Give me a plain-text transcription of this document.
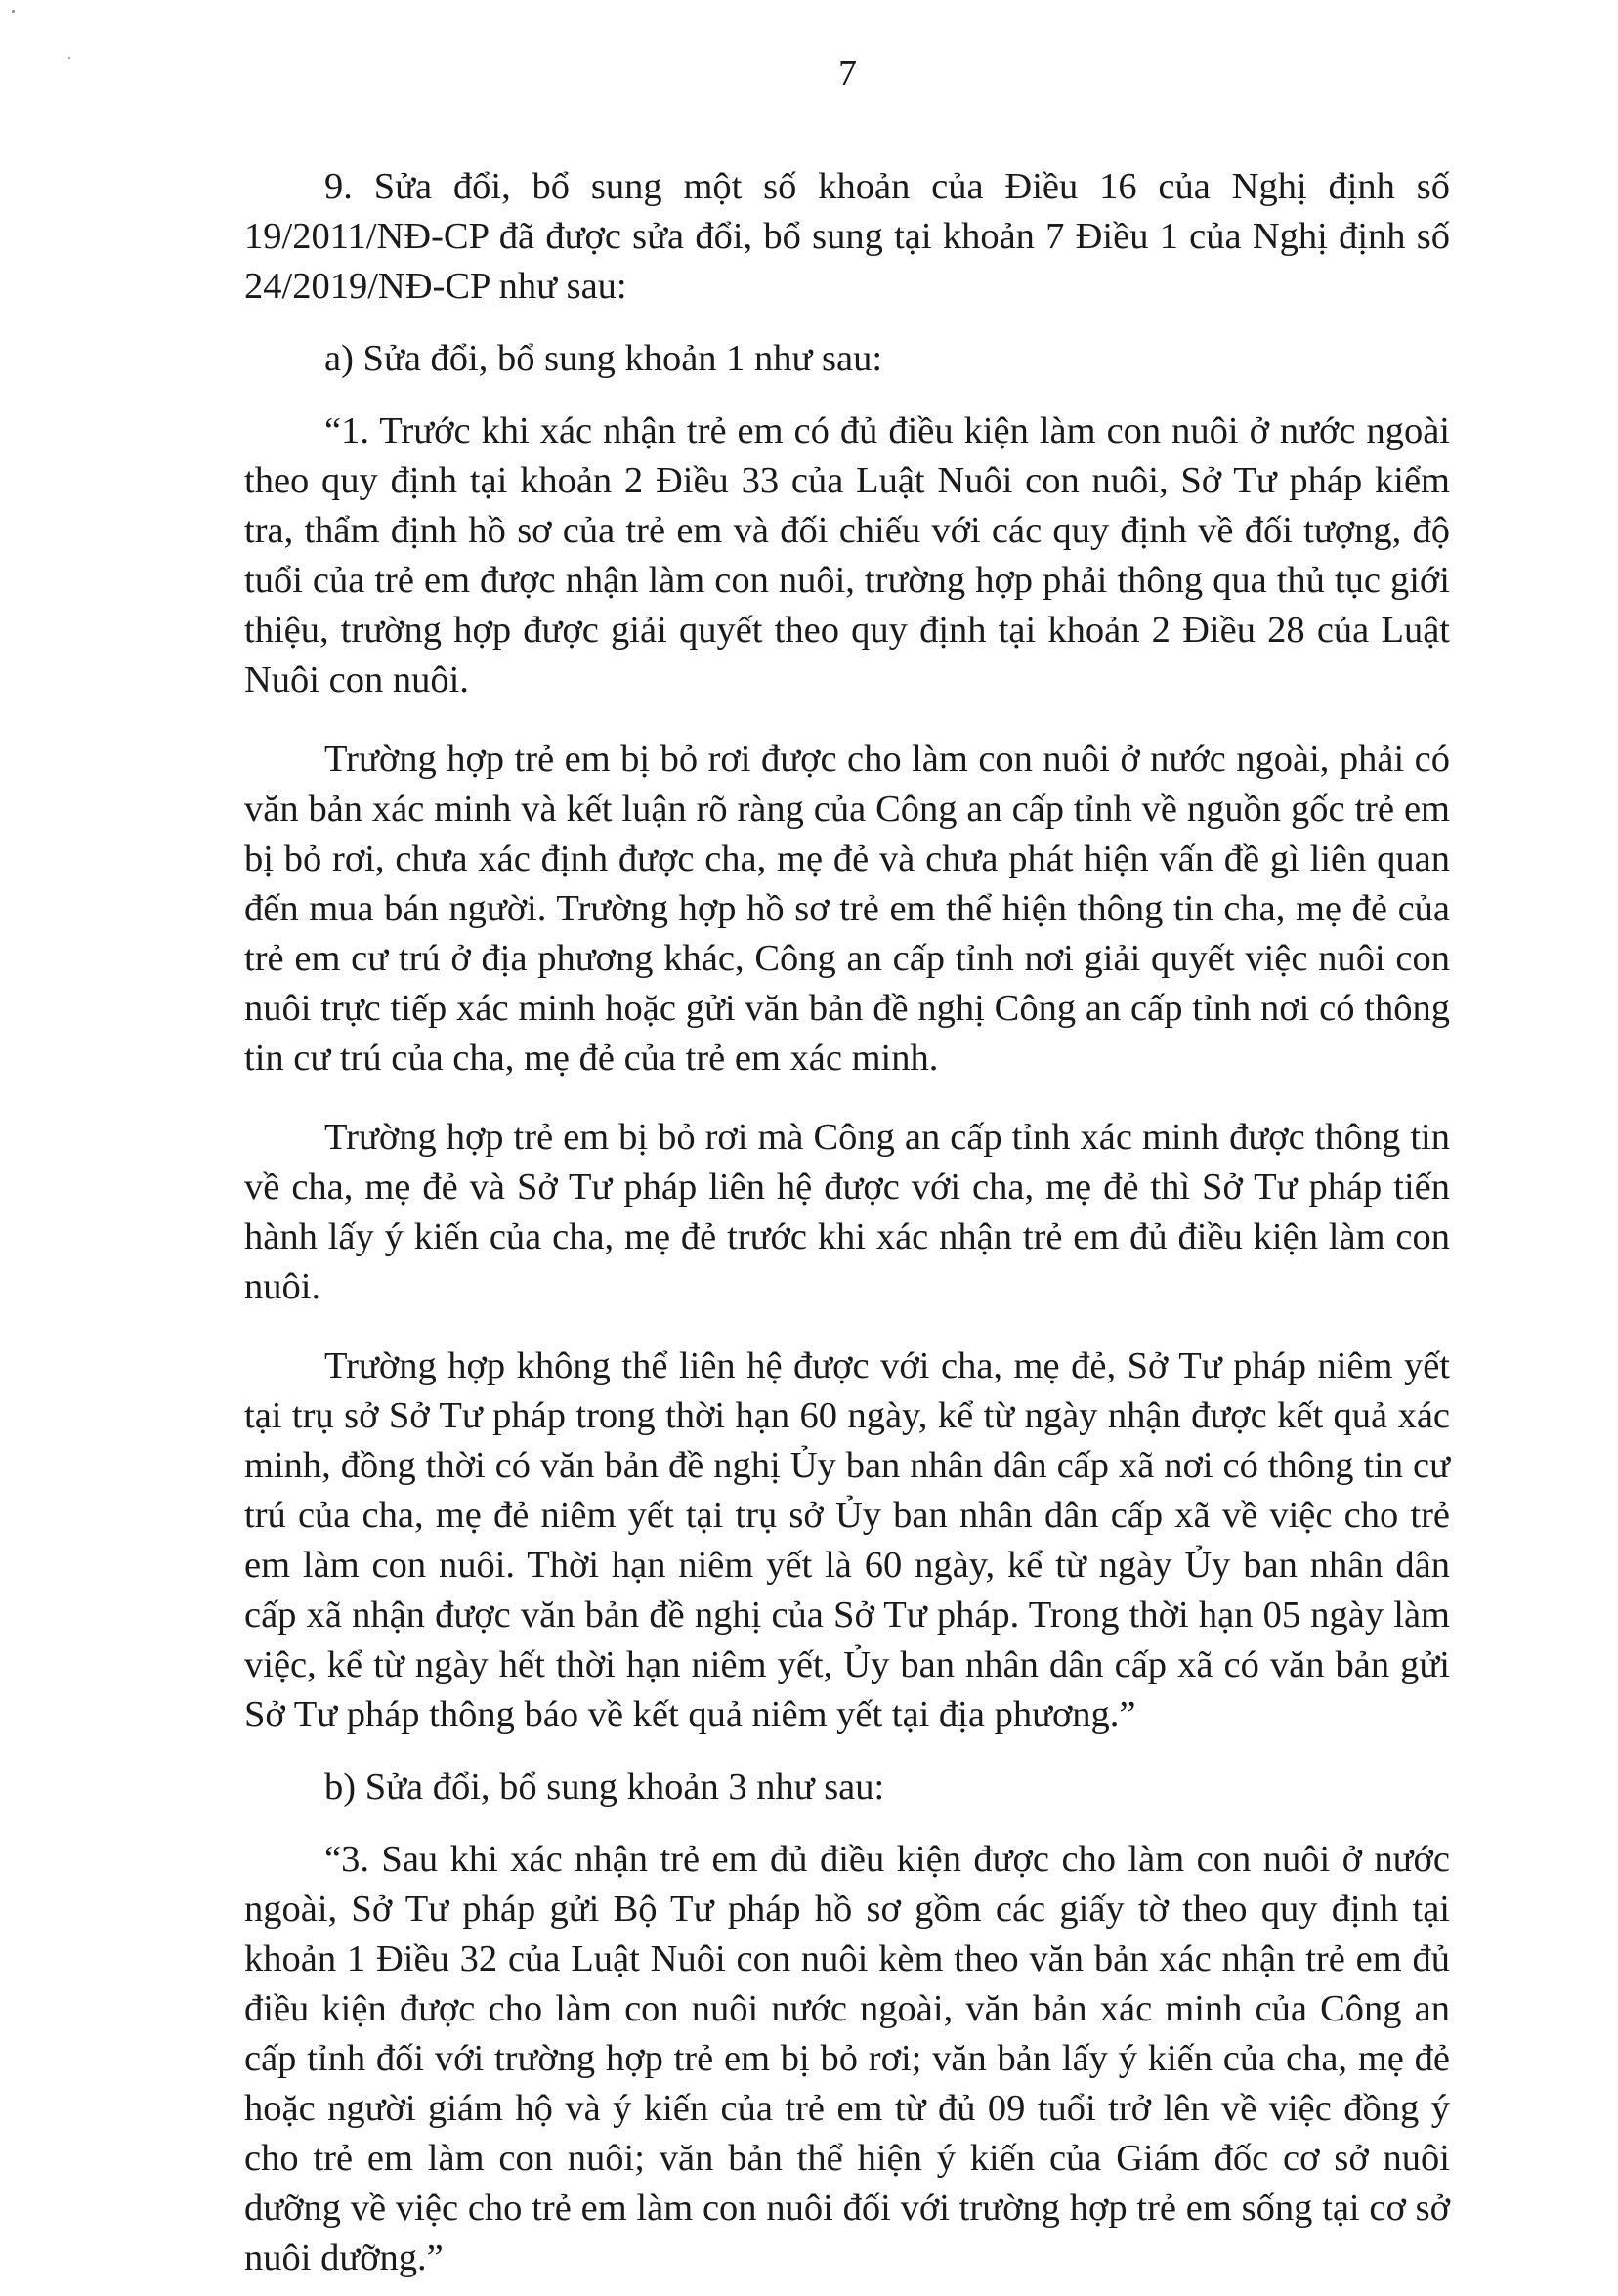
7

9. Sửa đổi, bổ sung một số khoản của Điều 16 của Nghị định số 19/2011/NĐ-CP đã được sửa đổi, bổ sung tại khoản 7 Điều 1 của Nghị định số 24/2019/NĐ-CP như sau:

a) Sửa đổi, bổ sung khoản 1 như sau:

“1. Trước khi xác nhận trẻ em có đủ điều kiện làm con nuôi ở nước ngoài theo quy định tại khoản 2 Điều 33 của Luật Nuôi con nuôi, Sở Tư pháp kiểm tra, thẩm định hồ sơ của trẻ em và đối chiếu với các quy định về đối tượng, độ tuổi của trẻ em được nhận làm con nuôi, trường hợp phải thông qua thủ tục giới thiệu, trường hợp được giải quyết theo quy định tại khoản 2 Điều 28 của Luật Nuôi con nuôi.

Trường hợp trẻ em bị bỏ rơi được cho làm con nuôi ở nước ngoài, phải có văn bản xác minh và kết luận rõ ràng của Công an cấp tỉnh về nguồn gốc trẻ em bị bỏ rơi, chưa xác định được cha, mẹ đẻ và chưa phát hiện vấn đề gì liên quan đến mua bán người. Trường hợp hồ sơ trẻ em thể hiện thông tin cha, mẹ đẻ của trẻ em cư trú ở địa phương khác, Công an cấp tỉnh nơi giải quyết việc nuôi con nuôi trực tiếp xác minh hoặc gửi văn bản đề nghị Công an cấp tỉnh nơi có thông tin cư trú của cha, mẹ đẻ của trẻ em xác minh.

Trường hợp trẻ em bị bỏ rơi mà Công an cấp tỉnh xác minh được thông tin về cha, mẹ đẻ và Sở Tư pháp liên hệ được với cha, mẹ đẻ thì Sở Tư pháp tiến hành lấy ý kiến của cha, mẹ đẻ trước khi xác nhận trẻ em đủ điều kiện làm con nuôi.

Trường hợp không thể liên hệ được với cha, mẹ đẻ, Sở Tư pháp niêm yết tại trụ sở Sở Tư pháp trong thời hạn 60 ngày, kể từ ngày nhận được kết quả xác minh, đồng thời có văn bản đề nghị Ủy ban nhân dân cấp xã nơi có thông tin cư trú của cha, mẹ đẻ niêm yết tại trụ sở Ủy ban nhân dân cấp xã về việc cho trẻ em làm con nuôi. Thời hạn niêm yết là 60 ngày, kể từ ngày Ủy ban nhân dân cấp xã nhận được văn bản đề nghị của Sở Tư pháp. Trong thời hạn 05 ngày làm việc, kể từ ngày hết thời hạn niêm yết, Ủy ban nhân dân cấp xã có văn bản gửi Sở Tư pháp thông báo về kết quả niêm yết tại địa phương.”

b) Sửa đổi, bổ sung khoản 3 như sau:

“3. Sau khi xác nhận trẻ em đủ điều kiện được cho làm con nuôi ở nước ngoài, Sở Tư pháp gửi Bộ Tư pháp hồ sơ gồm các giấy tờ theo quy định tại khoản 1 Điều 32 của Luật Nuôi con nuôi kèm theo văn bản xác nhận trẻ em đủ điều kiện được cho làm con nuôi nước ngoài, văn bản xác minh của Công an cấp tỉnh đối với trường hợp trẻ em bị bỏ rơi; văn bản lấy ý kiến của cha, mẹ đẻ hoặc người giám hộ và ý kiến của trẻ em từ đủ 09 tuổi trở lên về việc đồng ý cho trẻ em làm con nuôi; văn bản thể hiện ý kiến của Giám đốc cơ sở nuôi dưỡng về việc cho trẻ em làm con nuôi đối với trường hợp trẻ em sống tại cơ sở nuôi dưỡng.”
